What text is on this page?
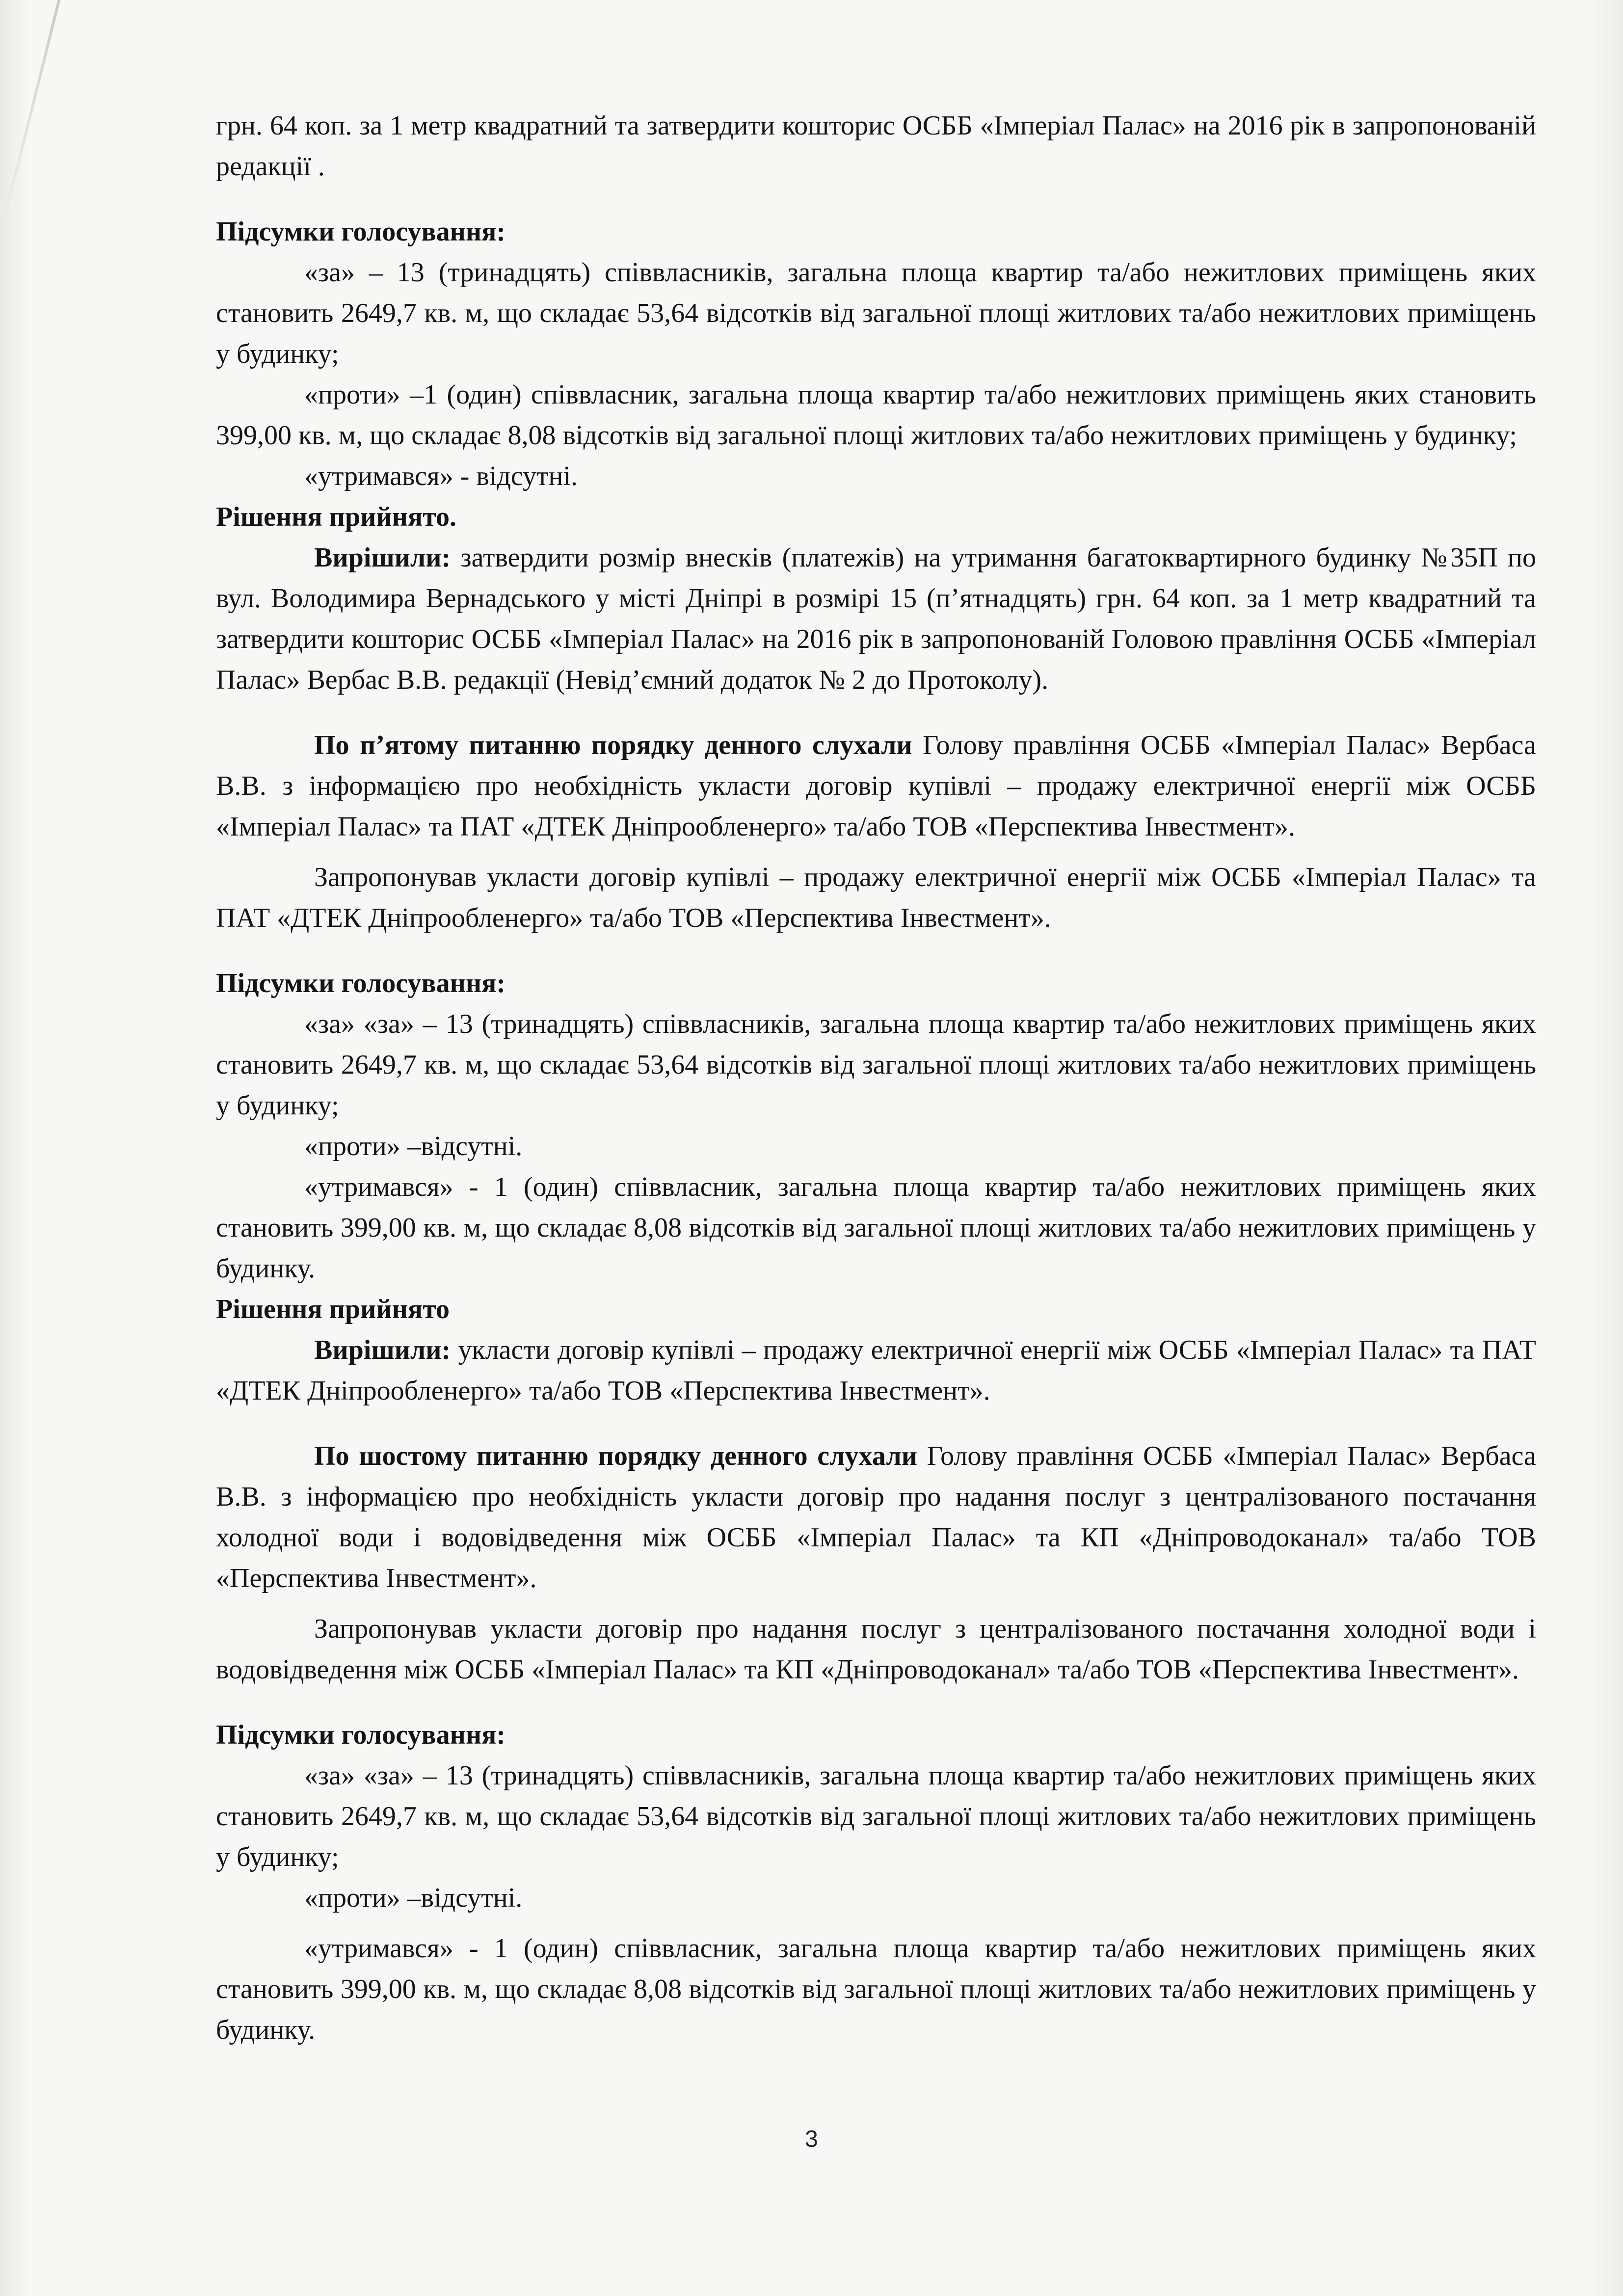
грн. 64 коп. за 1 метр квадратний та затвердити кошторис ОСББ «Імперіал Палас» на 2016 рік в запропонованій редакції .

Підсумки голосування:

«за» – 13 (тринадцять) співвласників, загальна площа квартир та/або нежитлових приміщень яких становить 2649,7 кв. м, що складає 53,64 відсотків від загальної площі житлових та/або нежитлових приміщень у будинку;

«проти» –1 (один) співвласник, загальна площа квартир та/або нежитлових приміщень яких становить 399,00 кв. м, що складає 8,08 відсотків від загальної площі житлових та/або нежитлових приміщень у будинку;

«утримався» - відсутні.

Рішення прийнято.

Вирішили: затвердити розмір внесків (платежів) на утримання багатоквартирного будинку №35П по вул. Володимира Вернадського у місті Дніпрі в розмірі 15 (п’ятнадцять) грн. 64 коп. за 1 метр квадратний та затвердити кошторис ОСББ «Імперіал Палас» на 2016 рік в запропонованій Головою правління ОСББ «Імперіал Палас» Вербас В.В. редакції (Невід’ємний додаток № 2 до Протоколу).

По п’ятому питанню порядку денного слухали Голову правління ОСББ «Імперіал Палас» Вербаса В.В. з інформацією про необхідність укласти договір купівлі – продажу електричної енергії між ОСББ «Імперіал Палас» та ПАТ «ДТЕК Дніпрообленерго» та/або ТОВ «Перспектива Інвестмент».

Запропонував укласти договір купівлі – продажу електричної енергії між ОСББ «Імперіал Палас» та ПАТ «ДТЕК Дніпрообленерго» та/або ТОВ «Перспектива Інвестмент».

Підсумки голосування:

«за» «за» – 13 (тринадцять) співвласників, загальна площа квартир та/або нежитлових приміщень яких становить 2649,7 кв. м, що складає 53,64 відсотків від загальної площі житлових та/або нежитлових приміщень у будинку;

«проти» –відсутні.

«утримався» - 1 (один) співвласник, загальна площа квартир та/або нежитлових приміщень яких становить 399,00 кв. м, що складає 8,08 відсотків від загальної площі житлових та/або нежитлових приміщень у будинку.

Рішення прийнято

Вирішили: укласти договір купівлі – продажу електричної енергії між ОСББ «Імперіал Палас» та ПАТ «ДТЕК Дніпрообленерго» та/або ТОВ «Перспектива Інвестмент».

По шостому питанню порядку денного слухали Голову правління ОСББ «Імперіал Палас» Вербаса В.В. з інформацією про необхідність укласти договір про надання послуг з централізованого постачання холодної води і водовідведення між ОСББ «Імперіал Палас» та КП «Дніпроводоканал» та/або ТОВ «Перспектива Інвестмент».

Запропонував укласти договір про надання послуг з централізованого постачання холодної води і водовідведення між ОСББ «Імперіал Палас» та КП «Дніпроводоканал» та/або ТОВ «Перспектива Інвестмент».

Підсумки голосування:

«за» «за» – 13 (тринадцять) співвласників, загальна площа квартир та/або нежитлових приміщень яких становить 2649,7 кв. м, що складає 53,64 відсотків від загальної площі житлових та/або нежитлових приміщень у будинку;

«проти» –відсутні.

«утримався» - 1 (один) співвласник, загальна площа квартир та/або нежитлових приміщень яких становить 399,00 кв. м, що складає 8,08 відсотків від загальної площі житлових та/або нежитлових приміщень у будинку.

3
